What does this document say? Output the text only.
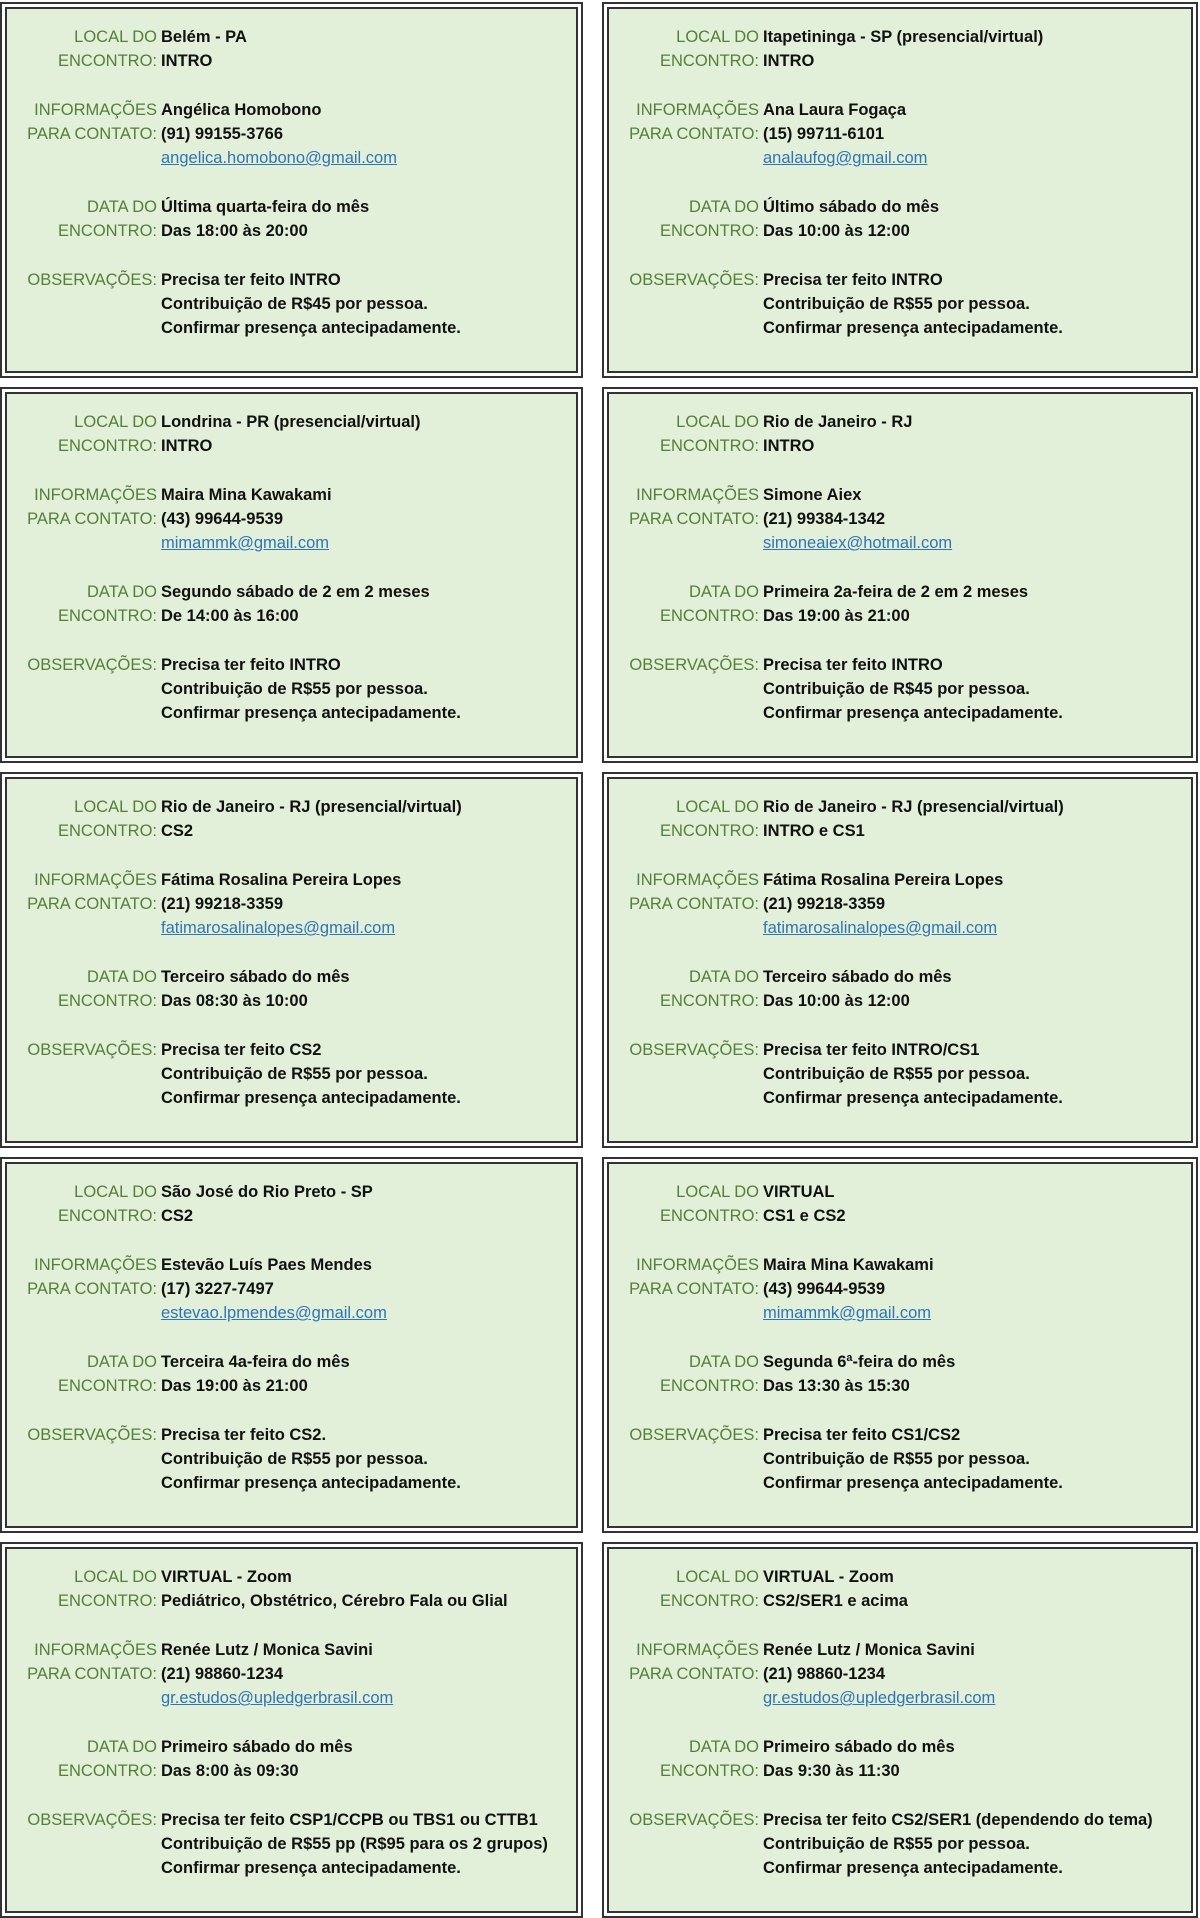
LOCAL DO Belém - PA
ENCONTRO: INTRO
INFORMAÇÕES Angélica Homobono
PARA CONTATO: (91) 99155-3766
angelica.homobono@gmail.com
DATA DO Última quarta-feira do mês
ENCONTRO: Das 18:00 às 20:00
OBSERVAÇÕES: Precisa ter feito INTRO
Contribuição de R$45 por pessoa.
Confirmar presença antecipadamente.
LOCAL DO Itapetininga - SP (presencial/virtual)
ENCONTRO: INTRO
INFORMAÇÕES Ana Laura Fogaça
PARA CONTATO: (15) 99711-6101
analaufog@gmail.com
DATA DO Último sábado do mês
ENCONTRO: Das 10:00 às 12:00
OBSERVAÇÕES: Precisa ter feito INTRO
Contribuição de R$55 por pessoa.
Confirmar presença antecipadamente.
LOCAL DO Londrina - PR (presencial/virtual)
ENCONTRO: INTRO
INFORMAÇÕES Maira Mina Kawakami
PARA CONTATO: (43) 99644-9539
mimammk@gmail.com
DATA DO Segundo sábado de 2 em 2 meses
ENCONTRO: De 14:00 às 16:00
OBSERVAÇÕES: Precisa ter feito INTRO
Contribuição de R$55 por pessoa.
Confirmar presença antecipadamente.
LOCAL DO Rio de Janeiro - RJ
ENCONTRO: INTRO
INFORMAÇÕES Simone Aiex
PARA CONTATO: (21) 99384-1342
simoneaiex@hotmail.com
DATA DO Primeira 2a-feira de 2 em 2 meses
ENCONTRO: Das 19:00 às 21:00
OBSERVAÇÕES: Precisa ter feito INTRO
Contribuição de R$45 por pessoa.
Confirmar presença antecipadamente.
LOCAL DO Rio de Janeiro - RJ (presencial/virtual)
ENCONTRO: CS2
INFORMAÇÕES Fátima Rosalina Pereira Lopes
PARA CONTATO: (21) 99218-3359
fatimarosalinalopes@gmail.com
DATA DO Terceiro sábado do mês
ENCONTRO: Das 08:30 às 10:00
OBSERVAÇÕES: Precisa ter feito CS2
Contribuição de R$55 por pessoa.
Confirmar presença antecipadamente.
LOCAL DO Rio de Janeiro - RJ (presencial/virtual)
ENCONTRO: INTRO e CS1
INFORMAÇÕES Fátima Rosalina Pereira Lopes
PARA CONTATO: (21) 99218-3359
fatimarosalinalopes@gmail.com
DATA DO Terceiro sábado do mês
ENCONTRO: Das 10:00 às 12:00
OBSERVAÇÕES: Precisa ter feito INTRO/CS1
Contribuição de R$55 por pessoa.
Confirmar presença antecipadamente.
LOCAL DO São José do Rio Preto - SP
ENCONTRO: CS2
INFORMAÇÕES Estevão Luís Paes Mendes
PARA CONTATO: (17) 3227-7497
estevao.lpmendes@gmail.com
DATA DO Terceira 4a-feira do mês
ENCONTRO: Das 19:00 às 21:00
OBSERVAÇÕES: Precisa ter feito CS2.
Contribuição de R$55 por pessoa.
Confirmar presença antecipadamente.
LOCAL DO VIRTUAL
ENCONTRO: CS1 e CS2
INFORMAÇÕES Maira Mina Kawakami
PARA CONTATO: (43) 99644-9539
mimammk@gmail.com
DATA DO Segunda 6ª-feira do mês
ENCONTRO: Das 13:30 às 15:30
OBSERVAÇÕES: Precisa ter feito CS1/CS2
Contribuição de R$55 por pessoa.
Confirmar presença antecipadamente.
LOCAL DO VIRTUAL - Zoom
ENCONTRO: Pediátrico, Obstétrico, Cérebro Fala ou Glial
INFORMAÇÕES Renée Lutz / Monica Savini
PARA CONTATO: (21) 98860-1234
gr.estudos@upledgerbrasil.com
DATA DO Primeiro sábado do mês
ENCONTRO: Das 8:00 às 09:30
OBSERVAÇÕES: Precisa ter feito CSP1/CCPB ou TBS1 ou CTTB1
Contribuição de R$55 pp (R$95 para os 2 grupos)
Confirmar presença antecipadamente.
LOCAL DO VIRTUAL - Zoom
ENCONTRO: CS2/SER1 e acima
INFORMAÇÕES Renée Lutz / Monica Savini
PARA CONTATO: (21) 98860-1234
gr.estudos@upledgerbrasil.com
DATA DO Primeiro sábado do mês
ENCONTRO: Das 9:30 às 11:30
OBSERVAÇÕES: Precisa ter feito CS2/SER1 (dependendo do tema)
Contribuição de R$55 por pessoa.
Confirmar presença antecipadamente.
